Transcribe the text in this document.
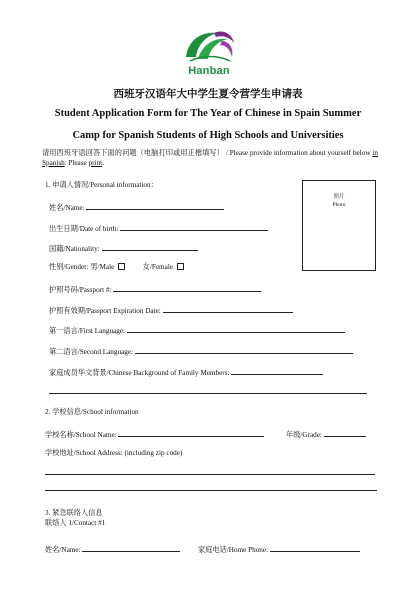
Hanban
西班牙汉语年大中学生夏令营学生申请表
Student Application Form for The Year of Chinese in Spain Summer
Camp for Spanish Students of High Schools and Universities
请用西班牙语回答下面的问题（电脑打印或用正楷填写） / Please provide information about yourself below in Spanish. Please print.
1. 申请人情况/Personal information：
照片
Photo
姓名/Name:
出生日期/Date of birth:
国籍/Nationality:
性别/Gender: 男/Male	女/Female
护照号码/Passport #:
护照有效期/Passport Expiration Date:
第一语言/First Language:
第二语言/Second Language:
家庭成员华文背景/Chinese Background of Family Members:
2. 学校信息/School information
学校名称/School Name:	年级/Grade:
学校地址/School Address: (including zip code)
3. 紧急联络人信息
联络人 1/Contact #1
姓名/Name:	家庭电话/Home Phone:
